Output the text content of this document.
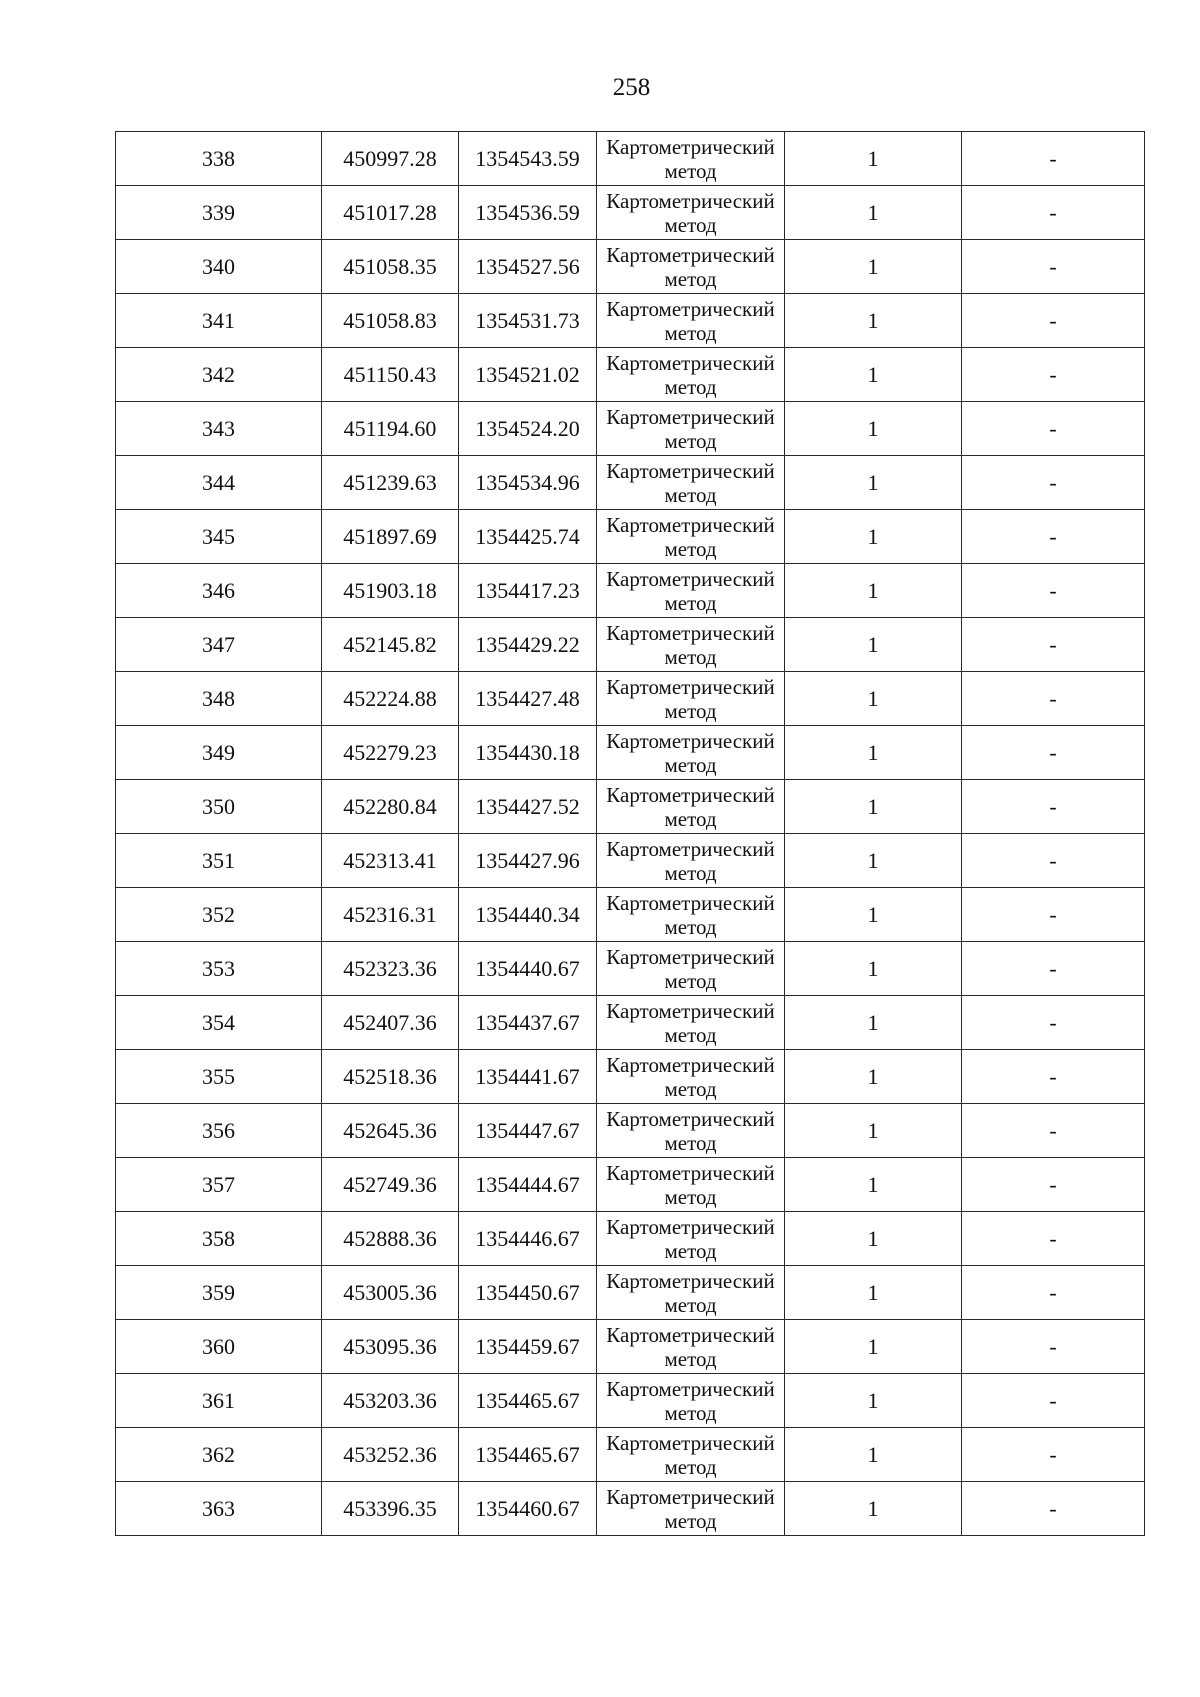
258
338	450997.28	1354543.59	Картометрический метод	1	-
339	451017.28	1354536.59	Картометрический метод	1	-
340	451058.35	1354527.56	Картометрический метод	1	-
341	451058.83	1354531.73	Картометрический метод	1	-
342	451150.43	1354521.02	Картометрический метод	1	-
343	451194.60	1354524.20	Картометрический метод	1	-
344	451239.63	1354534.96	Картометрический метод	1	-
345	451897.69	1354425.74	Картометрический метод	1	-
346	451903.18	1354417.23	Картометрический метод	1	-
347	452145.82	1354429.22	Картометрический метод	1	-
348	452224.88	1354427.48	Картометрический метод	1	-
349	452279.23	1354430.18	Картометрический метод	1	-
350	452280.84	1354427.52	Картометрический метод	1	-
351	452313.41	1354427.96	Картометрический метод	1	-
352	452316.31	1354440.34	Картометрический метод	1	-
353	452323.36	1354440.67	Картометрический метод	1	-
354	452407.36	1354437.67	Картометрический метод	1	-
355	452518.36	1354441.67	Картометрический метод	1	-
356	452645.36	1354447.67	Картометрический метод	1	-
357	452749.36	1354444.67	Картометрический метод	1	-
358	452888.36	1354446.67	Картометрический метод	1	-
359	453005.36	1354450.67	Картометрический метод	1	-
360	453095.36	1354459.67	Картометрический метод	1	-
361	453203.36	1354465.67	Картометрический метод	1	-
362	453252.36	1354465.67	Картометрический метод	1	-
363	453396.35	1354460.67	Картометрический метод	1	-
